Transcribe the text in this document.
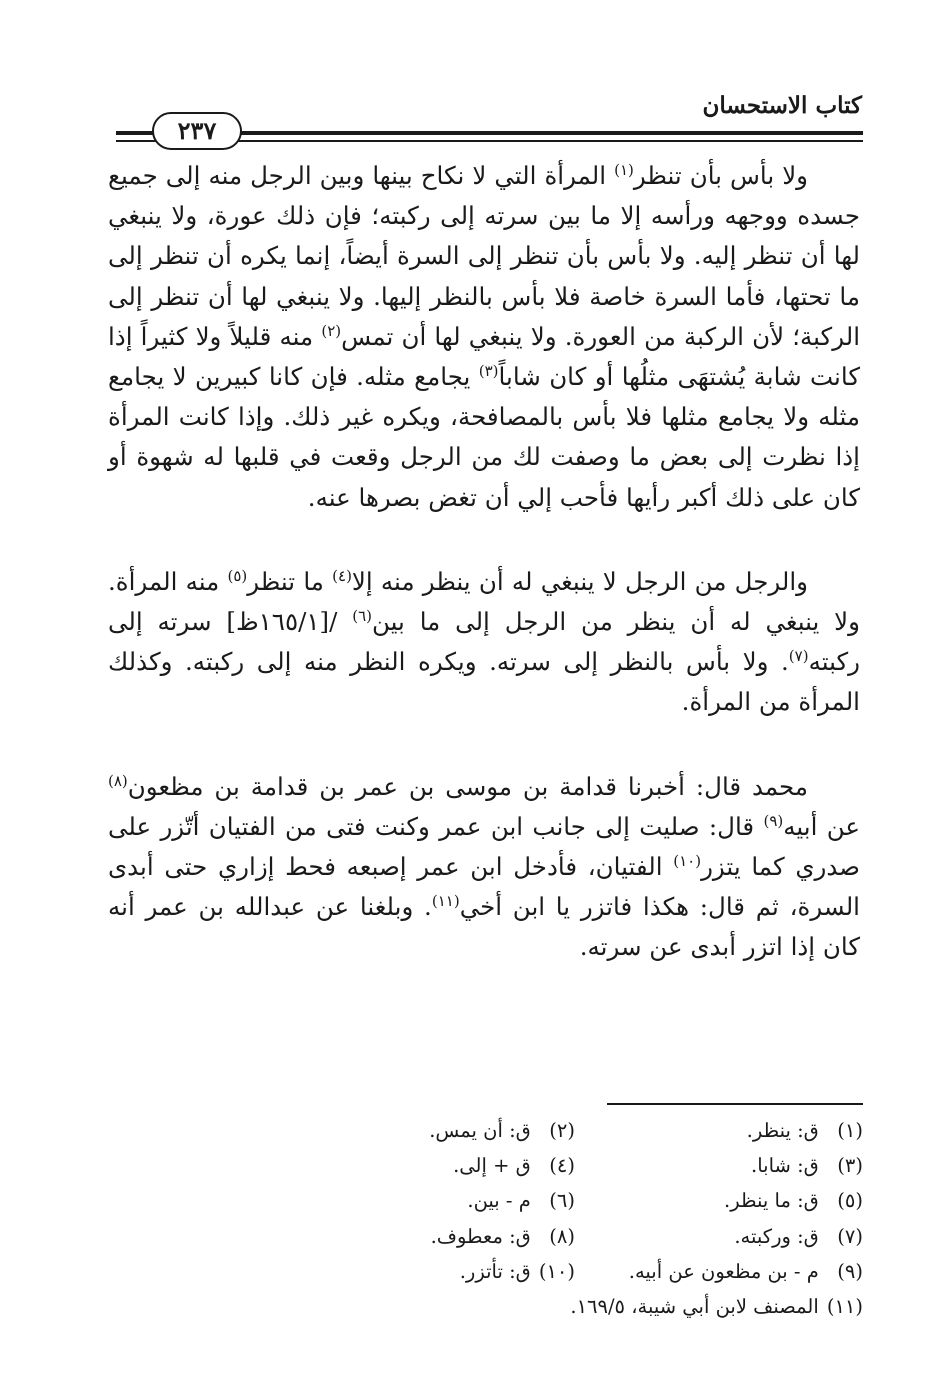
كتاب الاستحسان
٢٣٧

ولا بأس بأن تنظر$^{(١)}$ المرأة التي لا نكاح بينها وبين الرجل منه إلى جميع جسده ووجهه ورأسه إلا ما بين سرته إلى ركبته؛ فإن ذلك عورة، ولا ينبغي لها أن تنظر إليه. ولا بأس بأن تنظر إلى السرة أيضاً، إنما يكره أن تنظر إلى ما تحتها، فأما السرة خاصة فلا بأس بالنظر إليها. ولا ينبغي لها أن تنظر إلى الركبة؛ لأن الركبة من العورة. ولا ينبغي لها أن تمس$^{(٢)}$ منه قليلاً ولا كثيراً إذا كانت شابة يُشتهَى مثلُها أو كان شاباً$^{(٣)}$ يجامع مثله. فإن كانا كبيرين لا يجامع مثله ولا يجامع مثلها فلا بأس بالمصافحة، ويكره غير ذلك. وإذا كانت المرأة إذا نظرت إلى بعض ما وصفت لك من الرجل وقعت في قلبها له شهوة أو كان على ذلك أكبر رأيها فأحب إلي أن تغض بصرها عنه.

والرجل من الرجل لا ينبغي له أن ينظر منه إلا$^{(٤)}$ ما تنظر$^{(٥)}$ منه المرأة. ولا ينبغي له أن ينظر من الرجل إلى ما بين$^{(٦)}$ /[١٦٥/١ظ] سرته إلى ركبته$^{(٧)}$. ولا بأس بالنظر إلى سرته. ويكره النظر منه إلى ركبته. وكذلك المرأة من المرأة.

محمد قال: أخبرنا قدامة بن موسى بن عمر بن قدامة بن مظعون$^{(٨)}$ عن أبيه$^{(٩)}$ قال: صليت إلى جانب ابن عمر وكنت فتى من الفتيان أتّزر على صدري كما يتزر$^{(١٠)}$ الفتيان، فأدخل ابن عمر إصبعه فحط إزاري حتى أبدى السرة، ثم قال: هكذا فاتزر يا ابن أخي$^{(١١)}$. وبلغنا عن عبدالله بن عمر أنه كان إذا اتزر أبدى عن سرته.

(١) ق: ينظر.
(٢) ق: أن يمس.
(٣) ق: شابا.
(٤) ق + إلى.
(٥) ق: ما ينظر.
(٦) م - بين.
(٧) ق: وركبته.
(٨) ق: معطوف.
(٩) م - بن مظعون عن أبيه.
(١٠) ق: تأتزر.
(١١) المصنف لابن أبي شيبة، ١٦٩/٥.
